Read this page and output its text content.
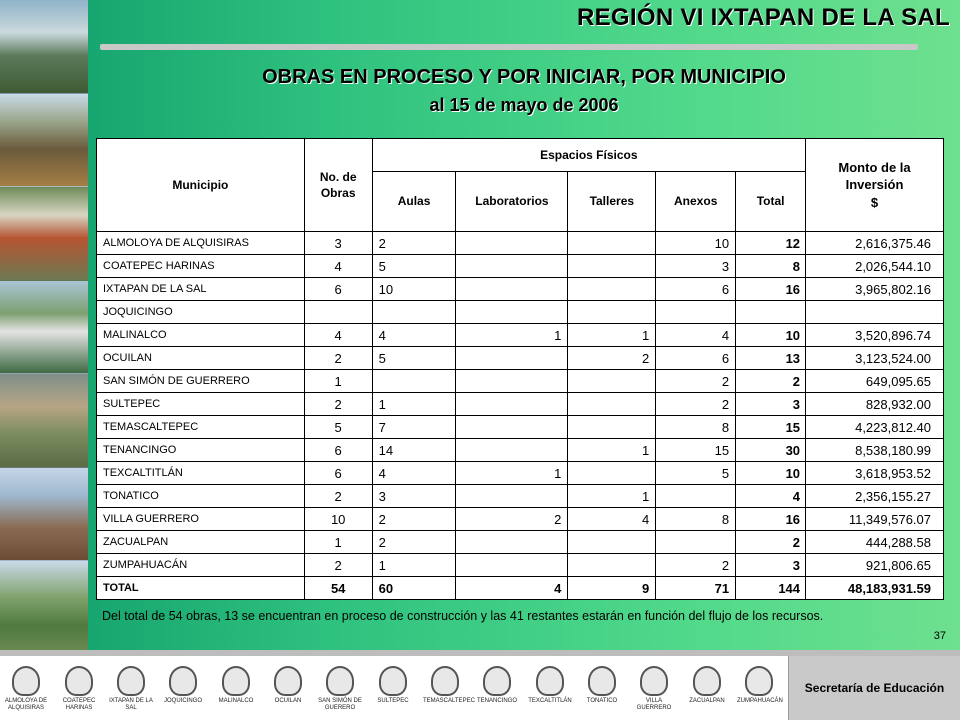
REGIÓN VI IXTAPAN DE LA SAL
OBRAS EN PROCESO Y POR INICIAR, POR MUNICIPIO
al 15 de mayo de 2006
Municipio	No. de Obras	Espacios Físicos					Monto de la
Inversión
$
		Aulas	Laboratorios	Talleres	Anexos	Total	
ALMOLOYA DE ALQUISIRAS	3	2			10	12	2,616,375.46
COATEPEC HARINAS	4	5			3	8	2,026,544.10
IXTAPAN DE LA SAL	6	10			6	16	3,965,802.16
JOQUICINGO							
MALINALCO	4	4	1	1	4	10	3,520,896.74
OCUILAN	2	5		2	6	13	3,123,524.00
SAN SIMÓN DE GUERRERO	1				2	2	649,095.65
SULTEPEC	2	1			2	3	828,932.00
TEMASCALTEPEC	5	7			8	15	4,223,812.40
TENANCINGO	6	14		1	15	30	8,538,180.99
TEXCALTITLÁN	6	4	1		5	10	3,618,953.52
TONATICO	2	3		1		4	2,356,155.27
VILLA GUERRERO	10	2	2	4	8	16	11,349,576.07
ZACUALPAN	1	2				2	444,288.58
ZUMPAHUACÁN	2	1			2	3	921,806.65
TOTAL	54	60	4	9	71	144	48,183,931.59
Del total de 54 obras, 13 se encuentran en proceso de construcción y las 41 restantes estarán en función del flujo de los recursos.
37
ALMOLOYA DE ALQUISIRAS
COATEPEC HARINAS
IXTAPAN DE LA SAL
JOQUICINGO	MALINALCO	OCUILAN	SAN SIMÓN DE GUERERO
SULTEPEC	TEMASCALTEPEC TENANCINGO	TEXCALTITLÁN	TONATICO	VILLA GUERRERO
ZACUALPAN	ZUMPAHUACÁN
Secretaría de Educación
